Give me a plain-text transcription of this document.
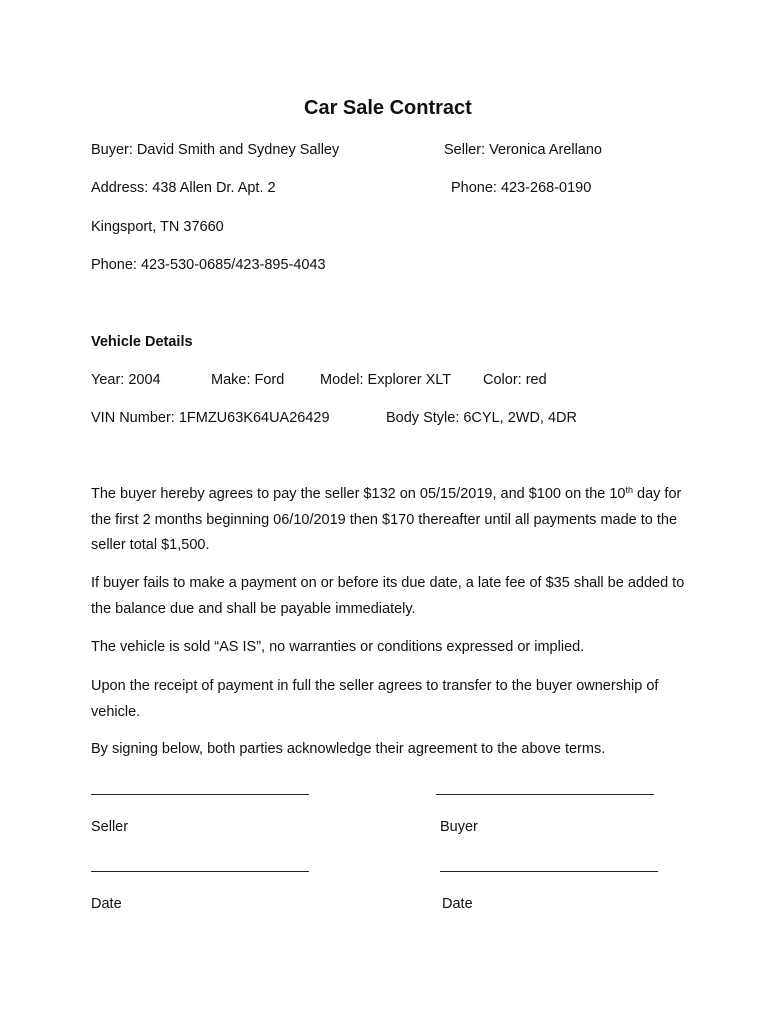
Car Sale Contract
Buyer: David Smith and Sydney Salley	Seller: Veronica Arellano
Address: 438 Allen Dr. Apt. 2	Phone: 423-268-0190
Kingsport, TN 37660
Phone: 423-530-0685/423-895-4043
Vehicle Details
Year: 2004	Make: Ford Model: Explorer XLT Color: red
VIN Number: 1FMZU63K64UA26429	Body Style: 6CYL, 2WD, 4DR
The buyer hereby agrees to pay the seller $132 on 05/15/2019, and $100 on the 10th day for the first 2 months beginning 06/10/2019 then $170 thereafter until all payments made to the seller total $1,500.
If buyer fails to make a payment on or before its due date, a late fee of $35 shall be added to the balance due and shall be payable immediately.
The vehicle is sold “AS IS”, no warranties or conditions expressed or implied.
Upon the receipt of payment in full the seller agrees to transfer to the buyer ownership of vehicle.
By signing below, both parties acknowledge their agreement to the above terms.
Seller	Buyer
Date	Date
